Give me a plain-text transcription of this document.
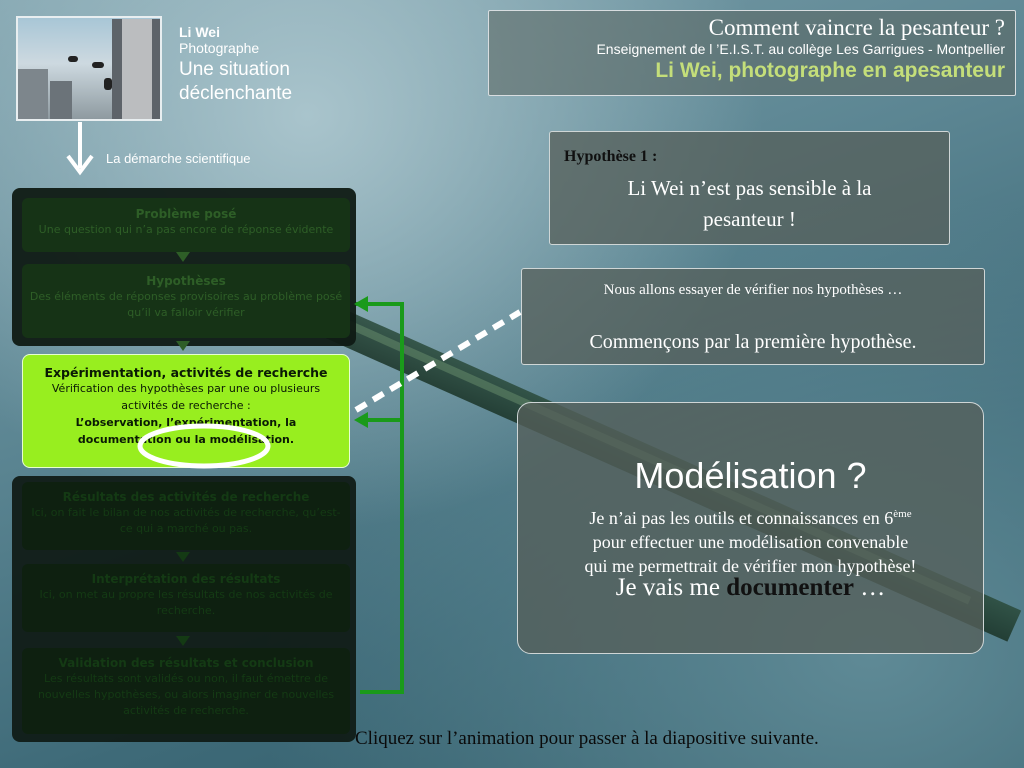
Li Wei
Photographe
Une situation
déclenchante
La démarche scientifique
Comment vaincre la pesanteur ?
Enseignement de l ’E.I.S.T. au collège Les Garrigues - Montpellier
Li Wei, photographe en apesanteur
Hypothèse 1 :
Li Wei n’est pas sensible à la
pesanteur !
Nous allons essayer de vérifier nos hypothèses …
Commençons par la première hypothèse.
Modélisation ?
Je n’ai pas les outils et connaissances en 6ème
pour effectuer une modélisation convenable
qui me permettrait de vérifier mon hypothèse!
Je vais me documenter …
Problème posé
Une question qui n’a pas encore de réponse évidente
Hypothèses
Des éléments de réponses provisoires au problème posé qu’il va falloir vérifier
Expérimentation, activités de recherche
Vérification des hypothèses par une ou plusieurs activités de recherche :
L’observation, l’expérimentation, la documentation ou la modélisation.
Résultats des activités de recherche
Ici, on fait le bilan de nos activités de recherche, qu’est-ce qui a marché ou pas.
Interprétation des résultats
Ici, on met au propre les résultats de nos activités de recherche.
Validation des résultats et conclusion
Les résultats sont validés ou non, il faut émettre de nouvelles hypothèses, ou alors imaginer de nouvelles activités de recherche.
Cliquez sur l’animation pour passer à la diapositive suivante.
